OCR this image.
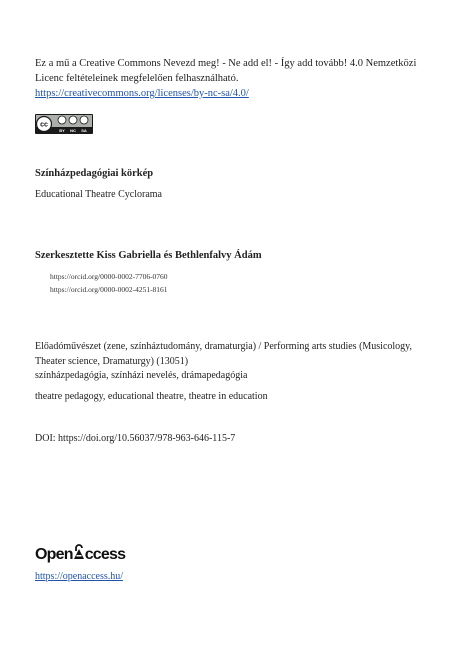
Ez a mű a Creative Commons Nevezd meg! - Ne add el! - Így add tovább! 4.0 Nemzetközi Licenc feltételeinek megfelelően felhasználható.
https://creativecommons.org/licenses/by-nc-sa/4.0/
cc
BY NC SA
Színházpedagógiai körkép
Educational Theatre Cyclorama
Szerkesztette Kiss Gabriella és Bethlenfalvy Ádám
https://orcid.org/0000-0002-7706-0760
https://orcid.org/0000-0002-4251-8161
Előadóművészet (zene, színháztudomány, dramaturgia) / Performing arts studies (Musicology, Theater science, Dramaturgy) (13051)
színházpedagógia, színházi nevelés, drámapedagógia
theatre pedagogy, educational theatre, theatre in education
DOI: https://doi.org/10.56037/978-963-646-115-7
Open ccess
https://openaccess.hu/
